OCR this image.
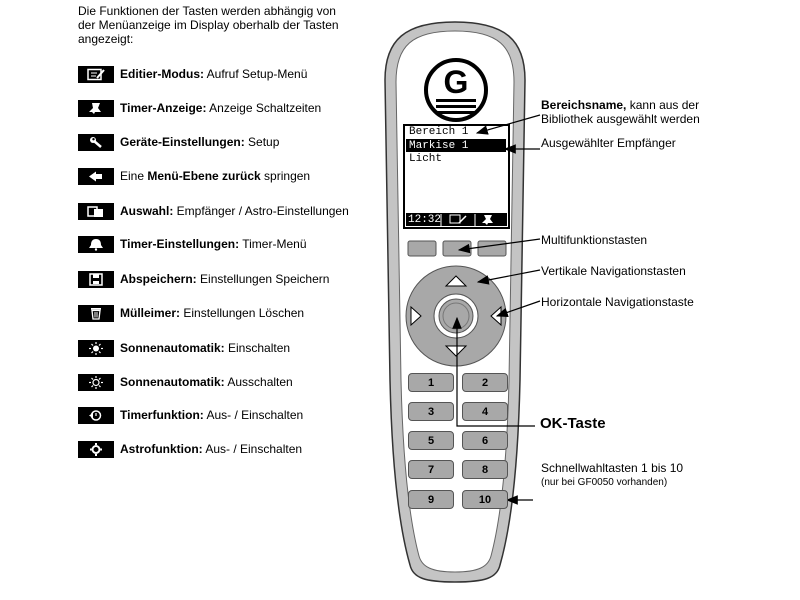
Die Funktionen der Tasten werden abhängig von
der Menüanzeige im Display oberhalb der Tasten
angezeigt:
Editier-Modus: Aufruf Setup-Menü
Timer-Anzeige: Anzeige Schaltzeiten
Geräte-Einstellungen: Setup
Eine Menü-Ebene zurück springen
Auswahl: Empfänger / Astro-Einstellungen
Timer-Einstellungen: Timer-Menü
Abspeichern: Einstellungen Speichern
Mülleimer: Einstellungen Löschen
Sonnenautomatik: Einschalten
Sonnenautomatik: Ausschalten
Timerfunktion: Aus- / Einschalten
Astrofunktion: Aus- / Einschalten
G
Bereich 1
Markise 1
Licht
12:32
1	2
3	4
5	6
7	8
9	10
Bereichsname, kann aus der
Bibliothek ausgewählt werden
Ausgewählter Empfänger
Multifunktionstasten
Vertikale Navigationstasten
Horizontale Navigationstaste
OK-Taste
Schnellwahltasten 1 bis 10
(nur bei GF0050 vorhanden)
